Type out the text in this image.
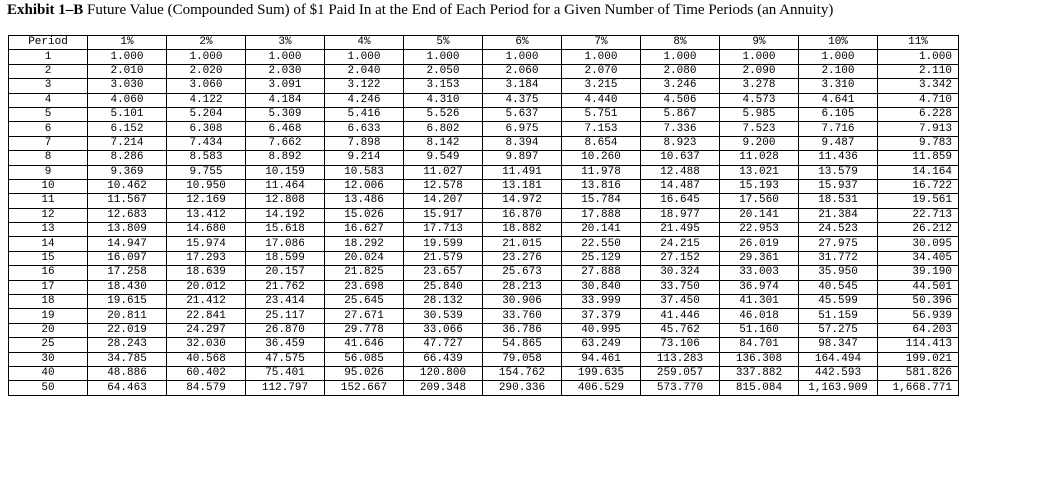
Exhibit 1–B Future Value (Compounded Sum) of $1 Paid In at the End of Each Period for a Given Number of Time Periods (an Annuity)
Period	1%	2%	3%	4%	5%	6%	7%	8%	9%	10%	11%
1	1.000	1.000	1.000	1.000	1.000	1.000	1.000	1.000	1.000	1.000	1.000
2	2.010	2.020	2.030	2.040	2.050	2.060	2.070	2.080	2.090	2.100	2.110
3	3.030	3.060	3.091	3.122	3.153	3.184	3.215	3.246	3.278	3.310	3.342
4	4.060	4.122	4.184	4.246	4.310	4.375	4.440	4.506	4.573	4.641	4.710
5	5.101	5.204	5.309	5.416	5.526	5.637	5.751	5.867	5.985	6.105	6.228
6	6.152	6.308	6.468	6.633	6.802	6.975	7.153	7.336	7.523	7.716	7.913
7	7.214	7.434	7.662	7.898	8.142	8.394	8.654	8.923	9.200	9.487	9.783
8	8.286	8.583	8.892	9.214	9.549	9.897	10.260	10.637	11.028	11.436	11.859
9	9.369	9.755	10.159	10.583	11.027	11.491	11.978	12.488	13.021	13.579	14.164
10	10.462	10.950	11.464	12.006	12.578	13.181	13.816	14.487	15.193	15.937	16.722
11	11.567	12.169	12.808	13.486	14.207	14.972	15.784	16.645	17.560	18.531	19.561
12	12.683	13.412	14.192	15.026	15.917	16.870	17.888	18.977	20.141	21.384	22.713
13	13.809	14.680	15.618	16.627	17.713	18.882	20.141	21.495	22.953	24.523	26.212
14	14.947	15.974	17.086	18.292	19.599	21.015	22.550	24.215	26.019	27.975	30.095
15	16.097	17.293	18.599	20.024	21.579	23.276	25.129	27.152	29.361	31.772	34.405
16	17.258	18.639	20.157	21.825	23.657	25.673	27.888	30.324	33.003	35.950	39.190
17	18.430	20.012	21.762	23.698	25.840	28.213	30.840	33.750	36.974	40.545	44.501
18	19.615	21.412	23.414	25.645	28.132	30.906	33.999	37.450	41.301	45.599	50.396
19	20.811	22.841	25.117	27.671	30.539	33.760	37.379	41.446	46.018	51.159	56.939
20	22.019	24.297	26.870	29.778	33.066	36.786	40.995	45.762	51.160	57.275	64.203
25	28.243	32.030	36.459	41.646	47.727	54.865	63.249	73.106	84.701	98.347	114.413
30	34.785	40.568	47.575	56.085	66.439	79.058	94.461	113.283	136.308	164.494	199.021
40	48.886	60.402	75.401	95.026	120.800	154.762	199.635	259.057	337.882	442.593	581.826
50	64.463	84.579	112.797	152.667	209.348	290.336	406.529	573.770	815.084	1,163.909	1,668.771
